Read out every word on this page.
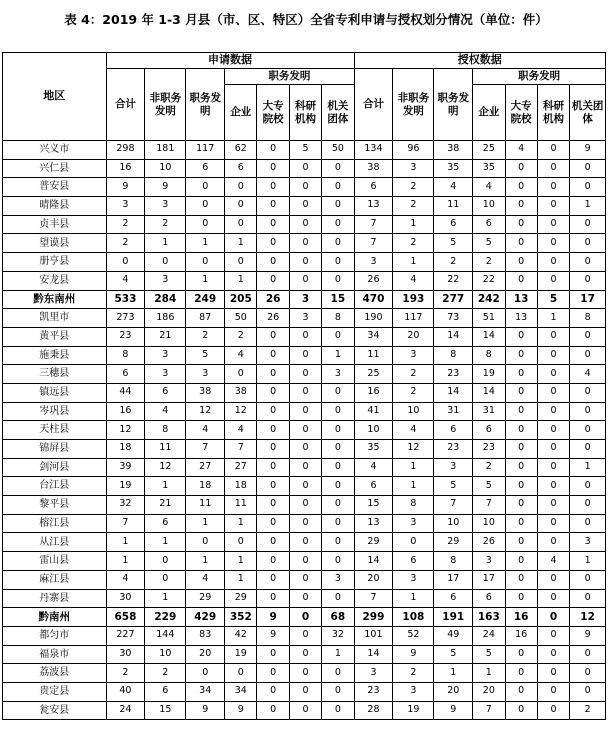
表 4：2019 年 1-3 月县（市、区、特区）全省专利申请与授权划分情况（单位：件）
地区	申请数据							授权数据						
	合计	非职务发明	职务发明	职务发明				合计	非职务发明	职务发明	职务发明			
				企业	大专院校	科研机构	机关团体				企业	大专院校	科研机构	机关团体
兴义市	298	181	117	62	0	5	50	134	96	38	25	4	0	9
兴仁县	16	10	6	6	0	0	0	38	3	35	35	0	0	0
普安县	9	9	0	0	0	0	0	6	2	4	4	0	0	0
晴隆县	3	3	0	0	0	0	0	13	2	11	10	0	0	1
贞丰县	2	2	0	0	0	0	0	7	1	6	6	0	0	0
望谟县	2	1	1	1	0	0	0	7	2	5	5	0	0	0
册亨县	0	0	0	0	0	0	0	3	1	2	2	0	0	0
安龙县	4	3	1	1	0	0	0	26	4	22	22	0	0	0
黔东南州	533	284	249	205	26	3	15	470	193	277	242	13	5	17
凯里市	273	186	87	50	26	3	8	190	117	73	51	13	1	8
黄平县	23	21	2	2	0	0	0	34	20	14	14	0	0	0
施秉县	8	3	5	4	0	0	1	11	3	8	8	0	0	0
三穗县	6	3	3	0	0	0	3	25	2	23	19	0	0	4
镇远县	44	6	38	38	0	0	0	16	2	14	14	0	0	0
岑巩县	16	4	12	12	0	0	0	41	10	31	31	0	0	0
天柱县	12	8	4	4	0	0	0	10	4	6	6	0	0	0
锦屏县	18	11	7	7	0	0	0	35	12	23	23	0	0	0
剑河县	39	12	27	27	0	0	0	4	1	3	2	0	0	1
台江县	19	1	18	18	0	0	0	6	1	5	5	0	0	0
黎平县	32	21	11	11	0	0	0	15	8	7	7	0	0	0
榕江县	7	6	1	1	0	0	0	13	3	10	10	0	0	0
从江县	1	1	0	0	0	0	0	29	0	29	26	0	0	3
雷山县	1	0	1	1	0	0	0	14	6	8	3	0	4	1
麻江县	4	0	4	1	0	0	3	20	3	17	17	0	0	0
丹寨县	30	1	29	29	0	0	0	7	1	6	6	0	0	0
黔南州	658	229	429	352	9	0	68	299	108	191	163	16	0	12
都匀市	227	144	83	42	9	0	32	101	52	49	24	16	0	9
福泉市	30	10	20	19	0	0	1	14	9	5	5	0	0	0
荔波县	2	2	0	0	0	0	0	3	2	1	1	0	0	0
贵定县	40	6	34	34	0	0	0	23	3	20	20	0	0	0
瓮安县	24	15	9	9	0	0	0	28	19	9	7	0	0	2
